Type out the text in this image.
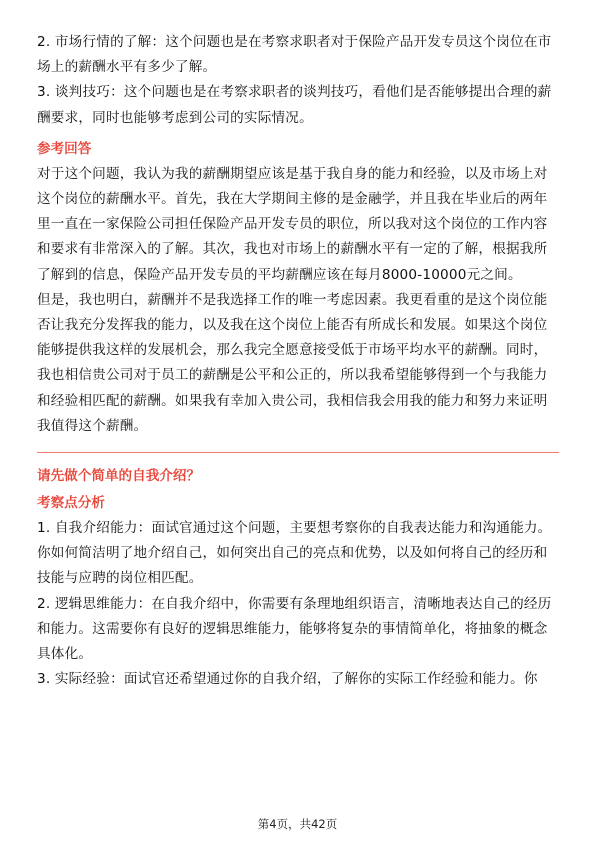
2. 市场行情的了解：这个问题也是在考察求职者对于保险产品开发专员这个岗位在市场上的薪酬水平有多少了解。

3. 谈判技巧：这个问题也是在考察求职者的谈判技巧，看他们是否能够提出合理的薪酬要求，同时也能够考虑到公司的实际情况。

参考回答

对于这个问题，我认为我的薪酬期望应该是基于我自身的能力和经验，以及市场上对这个岗位的薪酬水平。首先，我在大学期间主修的是金融学，并且我在毕业后的两年里一直在一家保险公司担任保险产品开发专员的职位，所以我对这个岗位的工作内容和要求有非常深入的了解。其次，我也对市场上的薪酬水平有一定的了解，根据我所了解到的信息，保险产品开发专员的平均薪酬应该在每月8000-10000元之间。

但是，我也明白，薪酬并不是我选择工作的唯一考虑因素。我更看重的是这个岗位能否让我充分发挥我的能力，以及我在这个岗位上能否有所成长和发展。如果这个岗位能够提供我这样的发展机会，那么我完全愿意接受低于市场平均水平的薪酬。同时，我也相信贵公司对于员工的薪酬是公平和公正的，所以我希望能够得到一个与我能力和经验相匹配的薪酬。如果我有幸加入贵公司，我相信我会用我的能力和努力来证明我值得这个薪酬。

请先做个简单的自我介绍？
考察点分析

1. 自我介绍能力：面试官通过这个问题，主要想考察你的自我表达能力和沟通能力。你如何简洁明了地介绍自己，如何突出自己的亮点和优势，以及如何将自己的经历和技能与应聘的岗位相匹配。

2. 逻辑思维能力：在自我介绍中，你需要有条理地组织语言，清晰地表达自己的经历和能力。这需要你有良好的逻辑思维能力，能够将复杂的事情简单化，将抽象的概念具体化。

3. 实际经验：面试官还希望通过你的自我介绍，了解你的实际工作经验和能力。你

第4页，共42页
